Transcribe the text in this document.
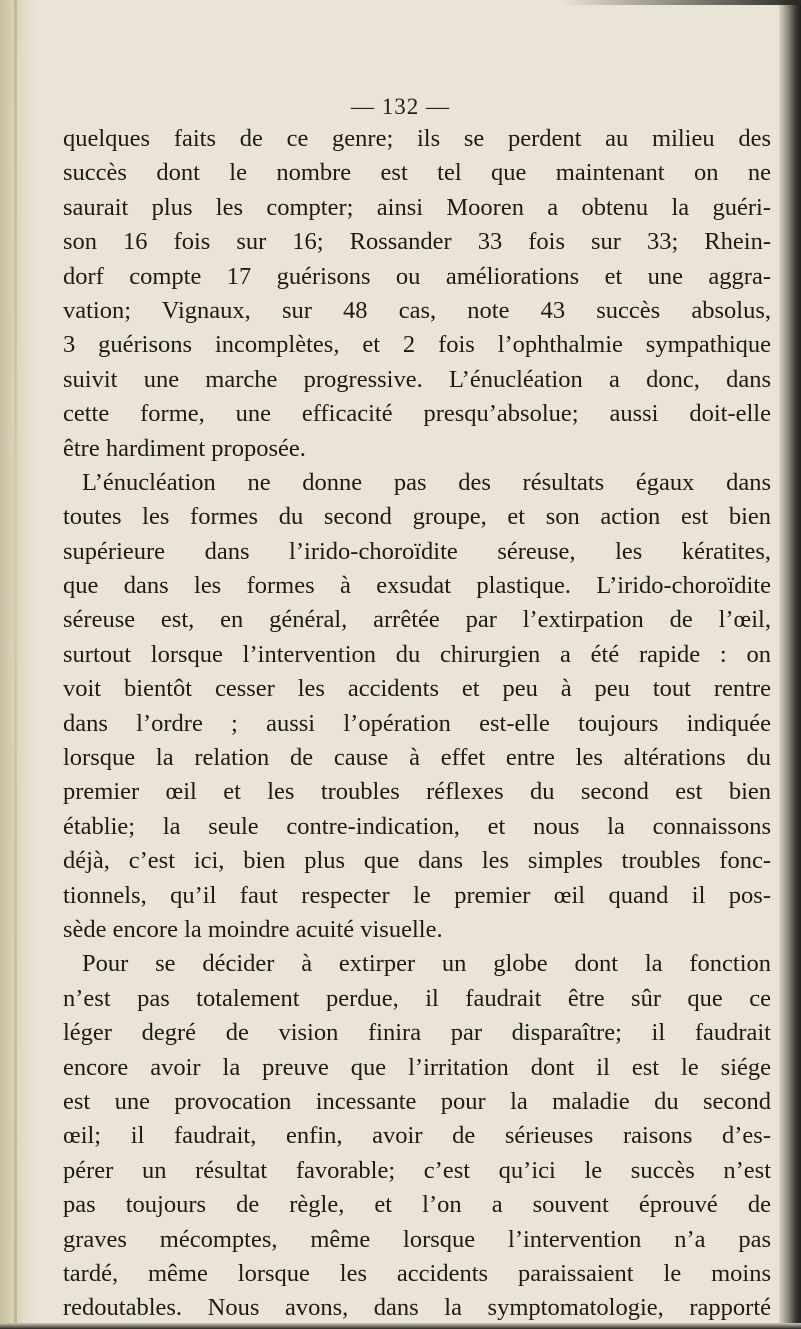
— 132 —
quelques faits de ce genre; ils se perdent au milieu des
succès dont le nombre est tel que maintenant on ne
saurait plus les compter; ainsi Mooren a obtenu la guéri-
son 16 fois sur 16; Rossander 33 fois sur 33; Rhein-
dorf compte 17 guérisons ou améliorations et une aggra-
vation; Vignaux, sur 48 cas, note 43 succès absolus,
3 guérisons incomplètes, et 2 fois l’ophthalmie sympathique
suivit une marche progressive. L’énucléation a donc, dans
cette forme, une efficacité presqu’absolue; aussi doit-elle
être hardiment proposée.
L’énucléation ne donne pas des résultats égaux dans
toutes les formes du second groupe, et son action est bien
supérieure dans l’irido-choroïdite séreuse, les kératites,
que dans les formes à exsudat plastique. L’irido-choroïdite
séreuse est, en général, arrêtée par l’extirpation de l’œil,
surtout lorsque l’intervention du chirurgien a été rapide : on
voit bientôt cesser les accidents et peu à peu tout rentre
dans l’ordre ; aussi l’opération est-elle toujours indiquée
lorsque la relation de cause à effet entre les altérations du
premier œil et les troubles réflexes du second est bien
établie; la seule contre-indication, et nous la connaissons
déjà, c’est ici, bien plus que dans les simples troubles fonc-
tionnels, qu’il faut respecter le premier œil quand il pos-
sède encore la moindre acuité visuelle.
Pour se décider à extirper un globe dont la fonction
n’est pas totalement perdue, il faudrait être sûr que ce
léger degré de vision finira par disparaître; il faudrait
encore avoir la preuve que l’irritation dont il est le siége
est une provocation incessante pour la maladie du second
œil; il faudrait, enfin, avoir de sérieuses raisons d’es-
pérer un résultat favorable; c’est qu’ici le succès n’est
pas toujours de règle, et l’on a souvent éprouvé de
graves mécomptes, même lorsque l’intervention n’a pas
tardé, même lorsque les accidents paraissaient le moins
redoutables. Nous avons, dans la symptomatologie, rapporté
